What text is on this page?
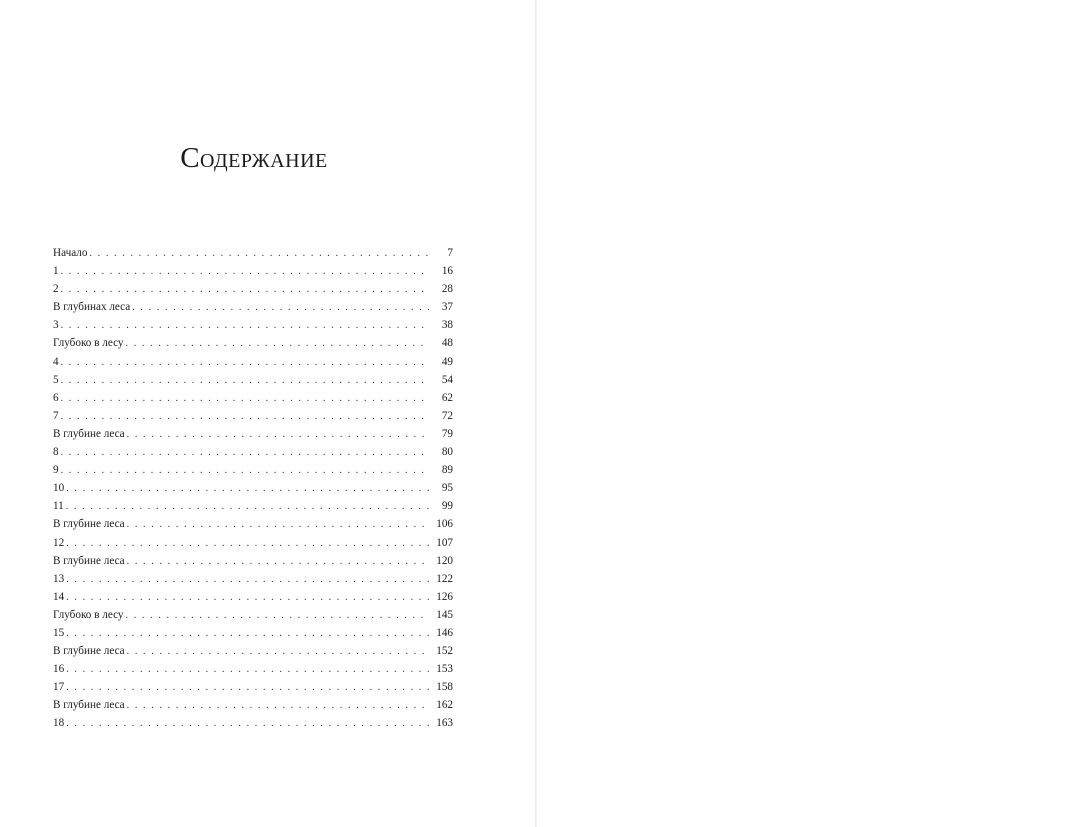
Содержание
Начало . . .	7
1 . . .	16
2 . . .	28
В глубинах леса . . .	37
3 . . .	38
Глубоко в лесу . . .	48
4 . . .	49
5 . . .	54
6 . . .	62
7 . . .	72
В глубине леса . . .	79
8 . . .	80
9 . . .	89
10 . . .	95
11 . . .	99
В глубине леса . . .	106
12 . . .	107
В глубине леса . . .	120
13 . . .	122
14 . . .	126
Глубоко в лесу . . .	145
15 . . .	146
В глубине леса . . .	152
16 . . .	153
17 . . .	158
В глубине леса . . .	162
18 . . .	163
